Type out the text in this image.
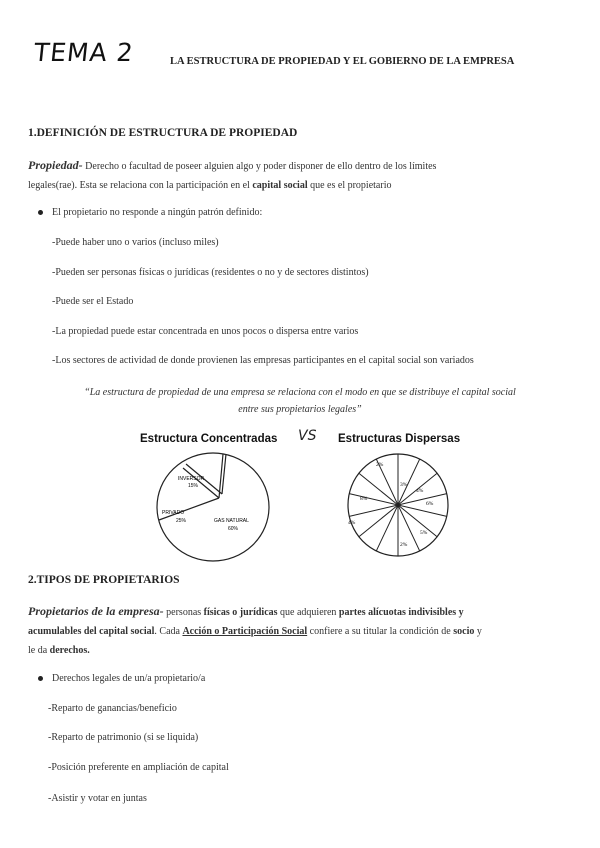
TEMA 2	LA ESTRUCTURA DE PROPIEDAD Y EL GOBIERNO DE LA EMPRESA
1.DEFINICIÓN DE ESTRUCTURA DE PROPIEDAD
Propiedad- Derecho o facultad de poseer alguien algo y poder disponer de ello dentro de los límites
legales(rae). Esta se relaciona con la participación en el capital social que es el propietario
El propietario no responde a ningún patrón definido:
-Puede haber uno o varios (incluso miles)
-Pueden ser personas físicas o jurídicas (residentes o no y de sectores distintos)
-Puede ser el Estado
-La propiedad puede estar concentrada en unos pocos o dispersa entre varios
-Los sectores de actividad de donde provienen las empresas participantes en el capital social son variados
“La estructura de propiedad de una empresa se relaciona con el modo en que se distribuye el capital social
entre sus propietarios legales”
Estructura Concentradas VS Estructuras Dispersas
INVERSOR
15%
PRIVADO
25%	GAS NATURAL
60%
2%
3%
4%
6%
8%
4%
5%
2%
2.TIPOS DE PROPIETARIOS
Propietarios de la empresa- personas físicas o jurídicas que adquieren partes alícuotas indivisibles y
acumulables del capital social. Cada Acción o Participación Social confiere a su titular la condición de socio y
le da derechos.
Derechos legales de un/a propietario/a
-Reparto de ganancias/beneficio
-Reparto de patrimonio (si se liquida)
-Posición preferente en ampliación de capital
-Asistir y votar en juntas
